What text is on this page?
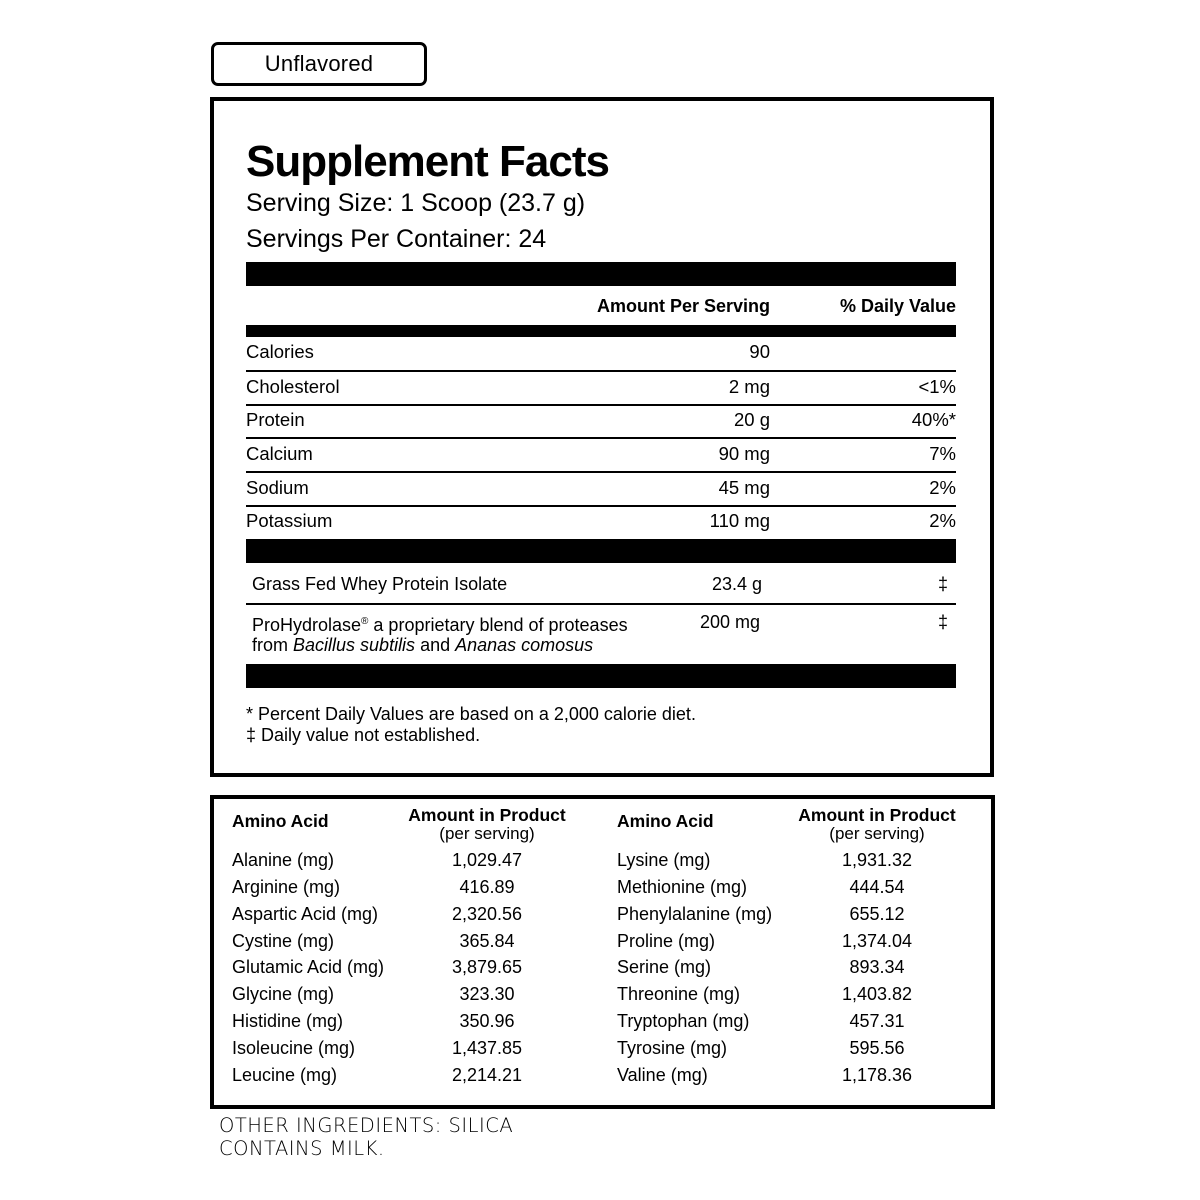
Unflavored
Supplement Facts
Serving Size: 1 Scoop (23.7 g)
Servings Per Container: 24
Amount Per Serving	% Daily Value
Calories	90
Cholesterol	2 mg	<1%
Protein	20 g	40%*
Calcium	90 mg	7%
Sodium	45 mg	2%
Potassium	110 mg	2%
Grass Fed Whey Protein Isolate	23.4 g	‡
ProHydrolase® a proprietary blend of proteases
from Bacillus subtilis and Ananas comosus
200 mg	‡
* Percent Daily Values are based on a 2,000 calorie diet.
‡ Daily value not established.
Amino Acid	Amount in Product
(per serving)
Alanine (mg)	1,029.47
Arginine (mg)	416.89
Aspartic Acid (mg)	2,320.56
Cystine (mg)	365.84
Glutamic Acid (mg)	3,879.65
Glycine (mg)	323.30
Histidine (mg)	350.96
Isoleucine (mg)	1,437.85
Leucine (mg)	2,214.21
Amino Acid	Amount in Product
(per serving)
Lysine (mg)	1,931.32
Methionine (mg)	444.54
Phenylalanine (mg)	655.12
Proline (mg)	1,374.04
Serine (mg)	893.34
Threonine (mg)	1,403.82
Tryptophan (mg)	457.31
Tyrosine (mg)	595.56
Valine (mg)	1,178.36
OTHER INGREDIENTS: SILICA
CONTAINS MILK.
